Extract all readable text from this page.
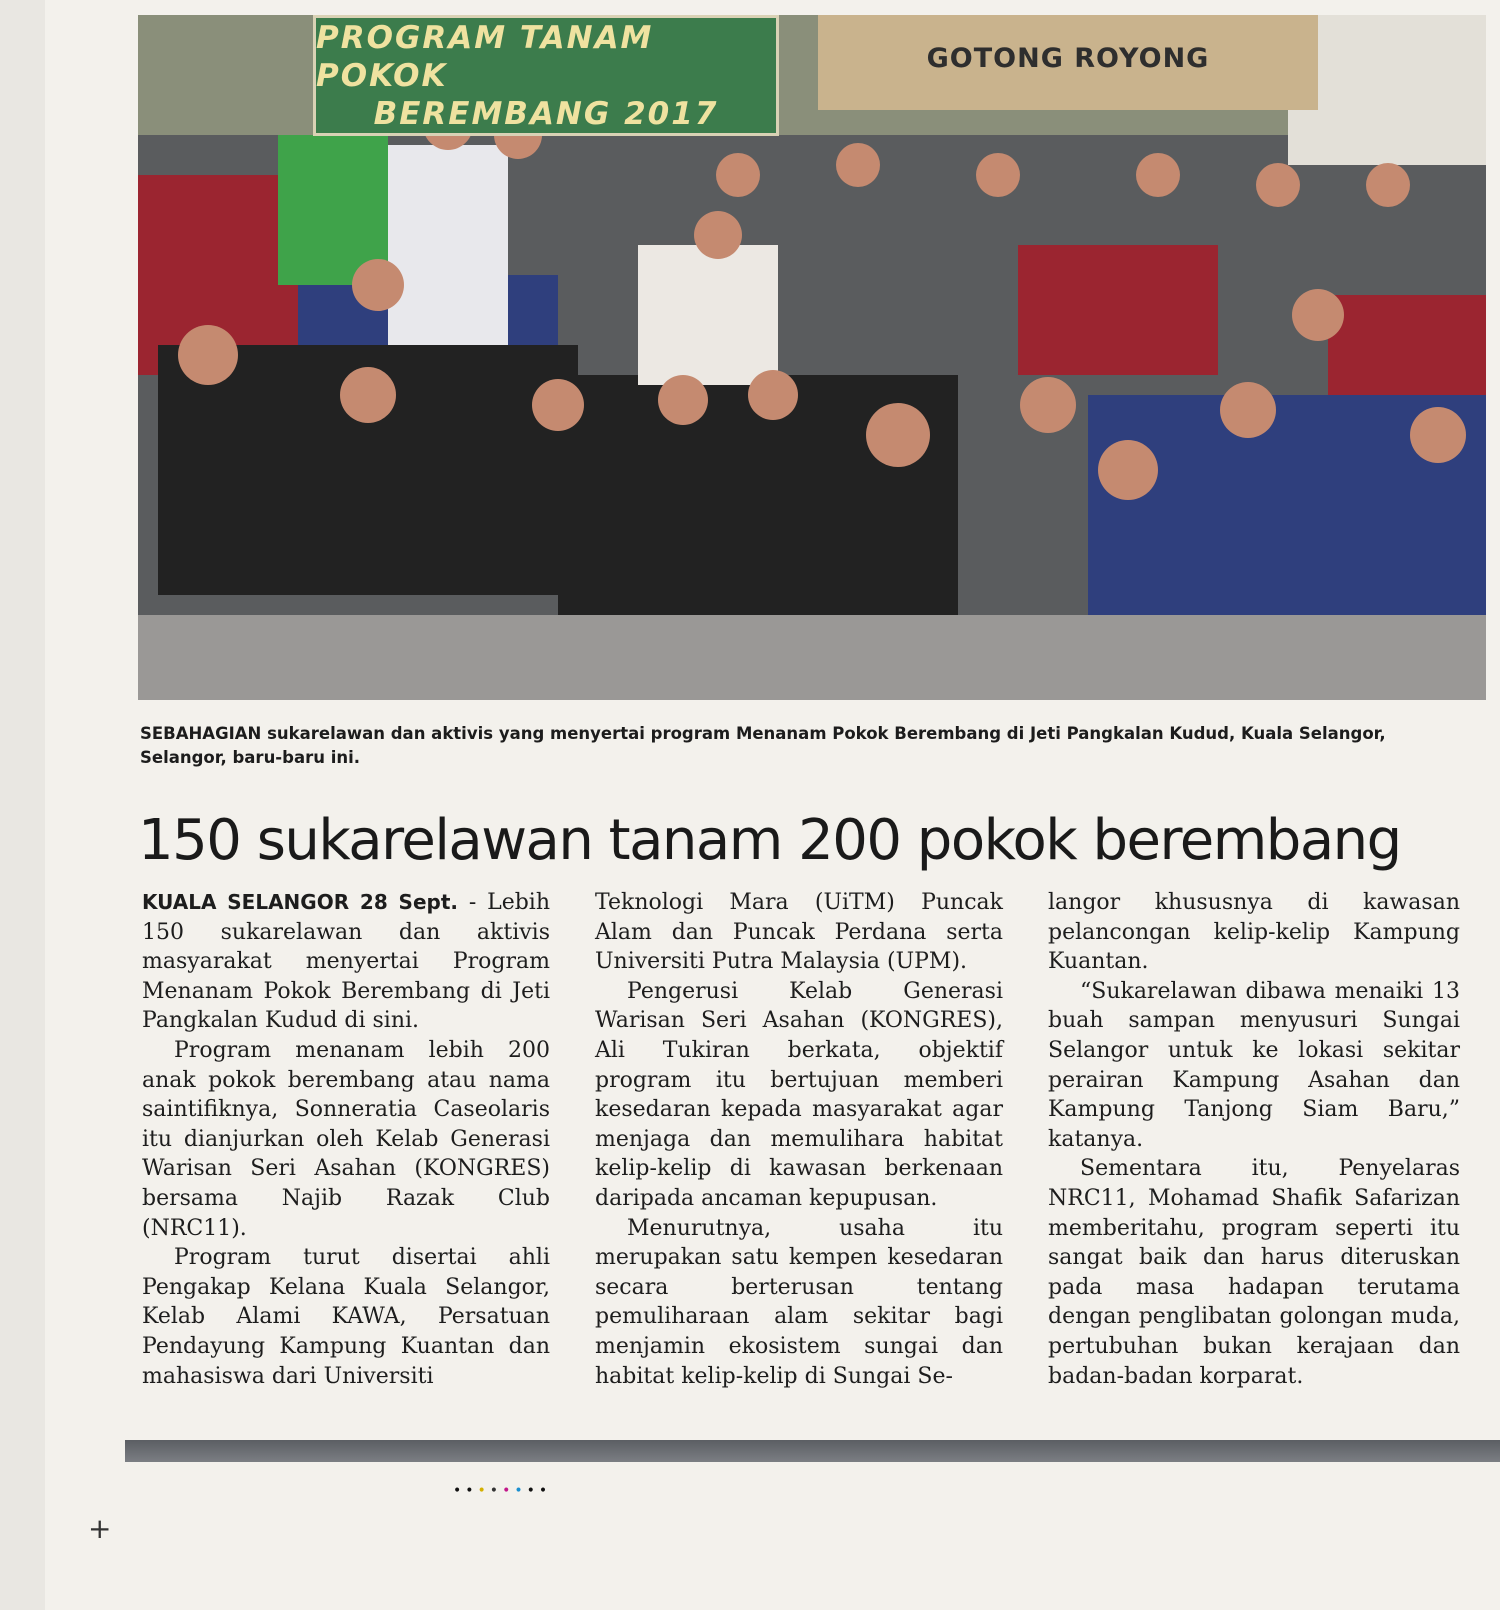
PROGRAM TANAM POKOK
BEREMBANG 2017
GOTONG ROYONG
SEBAHAGIAN sukarelawan dan aktivis yang menyertai program Menanam Pokok Berembang di Jeti Pangkalan Kudud, Kuala Selangor, Selangor, baru-baru ini.
150 sukarelawan tanam 200 pokok berembang

KUALA SELANGOR 28 Sept. - Lebih 150 sukarelawan dan aktivis masyarakat menyertai Program Menanam Pokok Berembang di Jeti Pangkalan Kudud di sini.

Program menanam lebih 200 anak pokok berembang atau nama saintifiknya, Sonneratia Caseolaris itu dianjurkan oleh Kelab Generasi Warisan Seri Asahan (KONGRES) bersama Najib Razak Club (NRC11).

Program turut disertai ahli Pengakap Kelana Kuala Selangor, Kelab Alami KAWA, Persatuan Pendayung Kampung Kuantan dan mahasiswa dari Universiti

Teknologi Mara (UiTM) Puncak Alam dan Puncak Perdana serta Universiti Putra Malaysia (UPM).

Pengerusi Kelab Generasi Warisan Seri Asahan (KONGRES), Ali Tukiran berkata, objektif program itu bertujuan memberi kesedaran kepada masyarakat agar menjaga dan memulihara habitat kelip-kelip di kawasan berkenaan daripada ancaman kepupusan.

Menurutnya, usaha itu merupakan satu kempen kesedaran secara berterusan tentang pemuliharaan alam sekitar bagi menjamin ekosistem sungai dan habitat kelip-kelip di Sungai Se-

langor khususnya di kawasan pelancongan kelip-kelip Kampung Kuantan.

“Sukarelawan dibawa menaiki 13 buah sampan menyusuri Sungai Selangor untuk ke lokasi sekitar perairan Kampung Asahan dan Kampung Tanjong Siam Baru,” katanya.

Sementara itu, Penyelaras NRC11, Mohamad Shafik Safarizan memberitahu, program seperti itu sangat baik dan harus diteruskan pada masa hadapan terutama dengan penglibatan golongan muda, pertubuhan bukan kerajaan dan badan-badan korparat.

••••••••
+
